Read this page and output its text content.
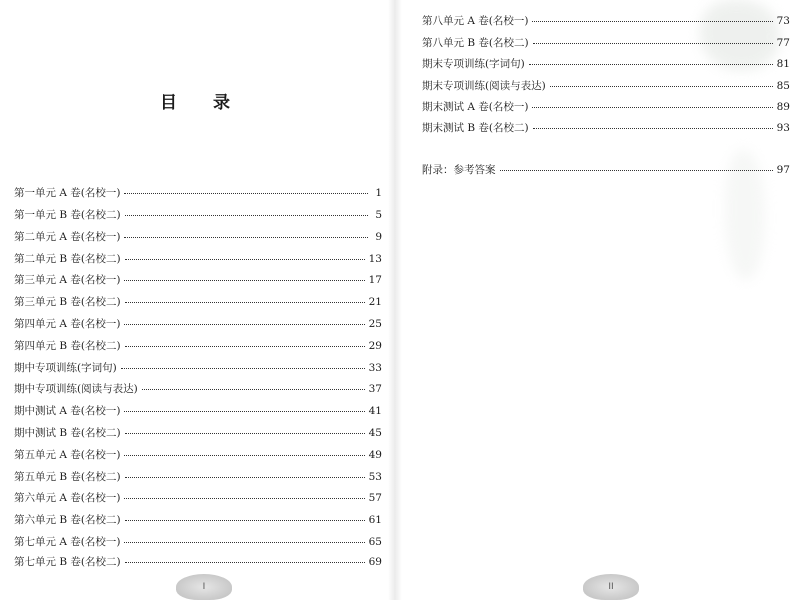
目录
第一单元 A 卷(名校一)	1
第一单元 B 卷(名校二)	5
第二单元 A 卷(名校一)	9
第二单元 B 卷(名校二)	13
第三单元 A 卷(名校一)	17
第三单元 B 卷(名校二)	21
第四单元 A 卷(名校一)	25
第四单元 B 卷(名校二)	29
期中专项训练(字词句)	33
期中专项训练(阅读与表达)	37
期中测试 A 卷(名校一)	41
期中测试 B 卷(名校二)	45
第五单元 A 卷(名校一)	49
第五单元 B 卷(名校二)	53
第六单元 A 卷(名校一)	57
第六单元 B 卷(名校二)	61
第七单元 A 卷(名校一)	65
第七单元 B 卷(名校二)	69
I
第八单元 A 卷(名校一)	73
第八单元 B 卷(名校二)	77
期末专项训练(字词句)	81
期末专项训练(阅读与表达)	85
期末测试 A 卷(名校一)	89
期末测试 B 卷(名校二)	93
附录：参考答案	97
II
